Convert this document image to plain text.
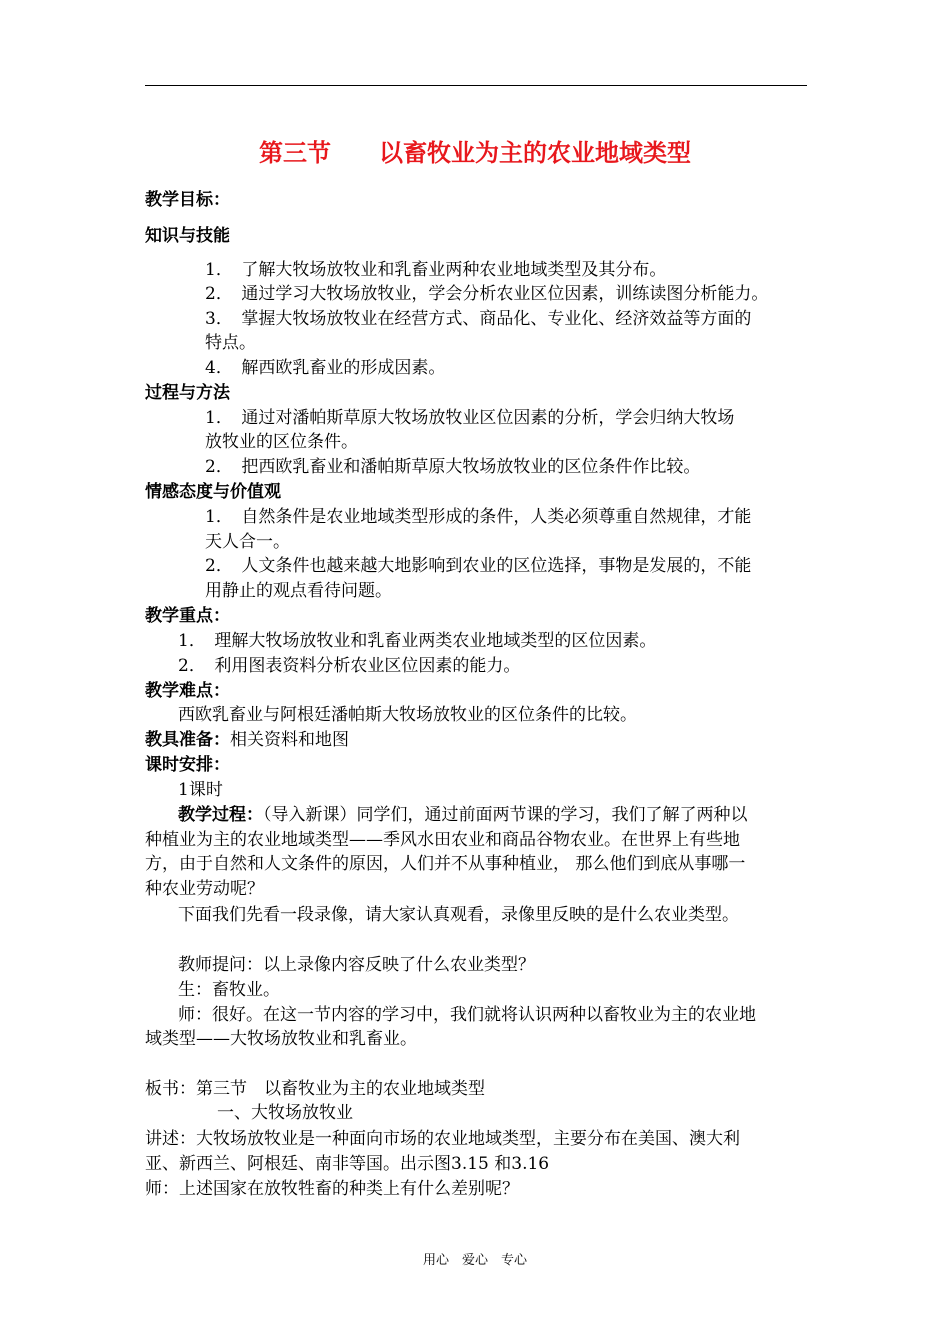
第三节　　以畜牧业为主的农业地域类型
教学目标：
知识与技能
1．　了解大牧场放牧业和乳畜业两种农业地域类型及其分布。
2．　通过学习大牧场放牧业，学会分析农业区位因素，训练读图分析能力。
3．　掌握大牧场放牧业在经营方式、商品化、专业化、经济效益等方面的
特点。
4．　解西欧乳畜业的形成因素。
过程与方法
1．　通过对潘帕斯草原大牧场放牧业区位因素的分析，学会归纳大牧场
放牧业的区位条件。
2．　把西欧乳畜业和潘帕斯草原大牧场放牧业的区位条件作比较。
情感态度与价值观
1．　自然条件是农业地域类型形成的条件，人类必须尊重自然规律，才能
天人合一。
2．　人文条件也越来越大地影响到农业的区位选择，事物是发展的，不能
用静止的观点看待问题。
教学重点：
1．　理解大牧场放牧业和乳畜业两类农业地域类型的区位因素。
2．　利用图表资料分析农业区位因素的能力。
教学难点：
西欧乳畜业与阿根廷潘帕斯大牧场放牧业的区位条件的比较。
教具准备：相关资料和地图
课时安排：
1课时
教学过程：（导入新课）同学们，通过前面两节课的学习，我们了解了两种以
种植业为主的农业地域类型——季风水田农业和商品谷物农业。在世界上有些地
方，由于自然和人文条件的原因，人们并不从事种植业， 那么他们到底从事哪一
种农业劳动呢？
下面我们先看一段录像，请大家认真观看，录像里反映的是什么农业类型。
教师提问：以上录像内容反映了什么农业类型？
生：畜牧业。
师：很好。在这一节内容的学习中，我们就将认识两种以畜牧业为主的农业地
域类型——大牧场放牧业和乳畜业。
板书：第三节　以畜牧业为主的农业地域类型
一、大牧场放牧业
讲述：大牧场放牧业是一种面向市场的农业地域类型，主要分布在美国、澳大利
亚、新西兰、阿根廷、南非等国。出示图3.15 和3.16
师：上述国家在放牧牲畜的种类上有什么差别呢？
用心　爱心　专心
